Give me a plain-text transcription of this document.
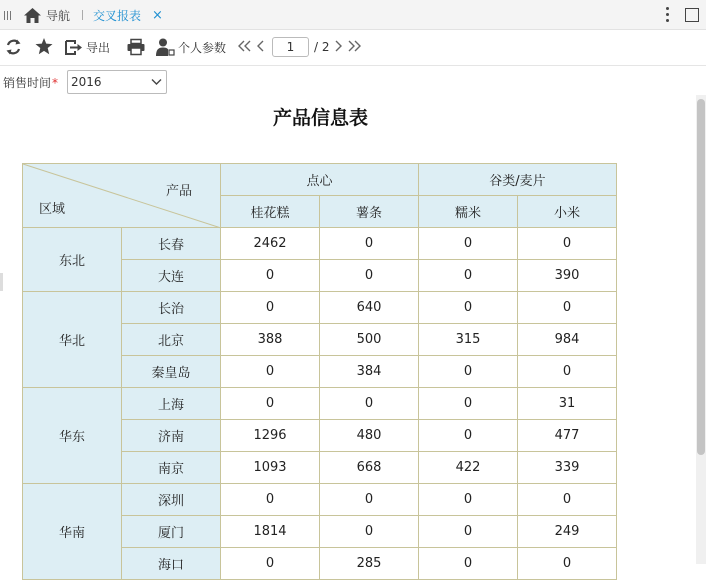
导航 交叉报表 ×
导出	个人参数	1	/ 2
销售时间*	2016
产品信息表
产品
区域		点心		谷类/麦片	
		桂花糕	薯条	糯米	小米
东北	长春	2462	0	0	0
	大连	0	0	0	390
华北	长治	0	640	0	0
	北京	388	500	315	984
	秦皇岛	0	384	0	0
华东	上海	0	0	0	31
	济南	1296	480	0	477
	南京	1093	668	422	339
华南	深圳	0	0	0	0
	厦门	1814	0	0	249
	海口	0	285	0	0
